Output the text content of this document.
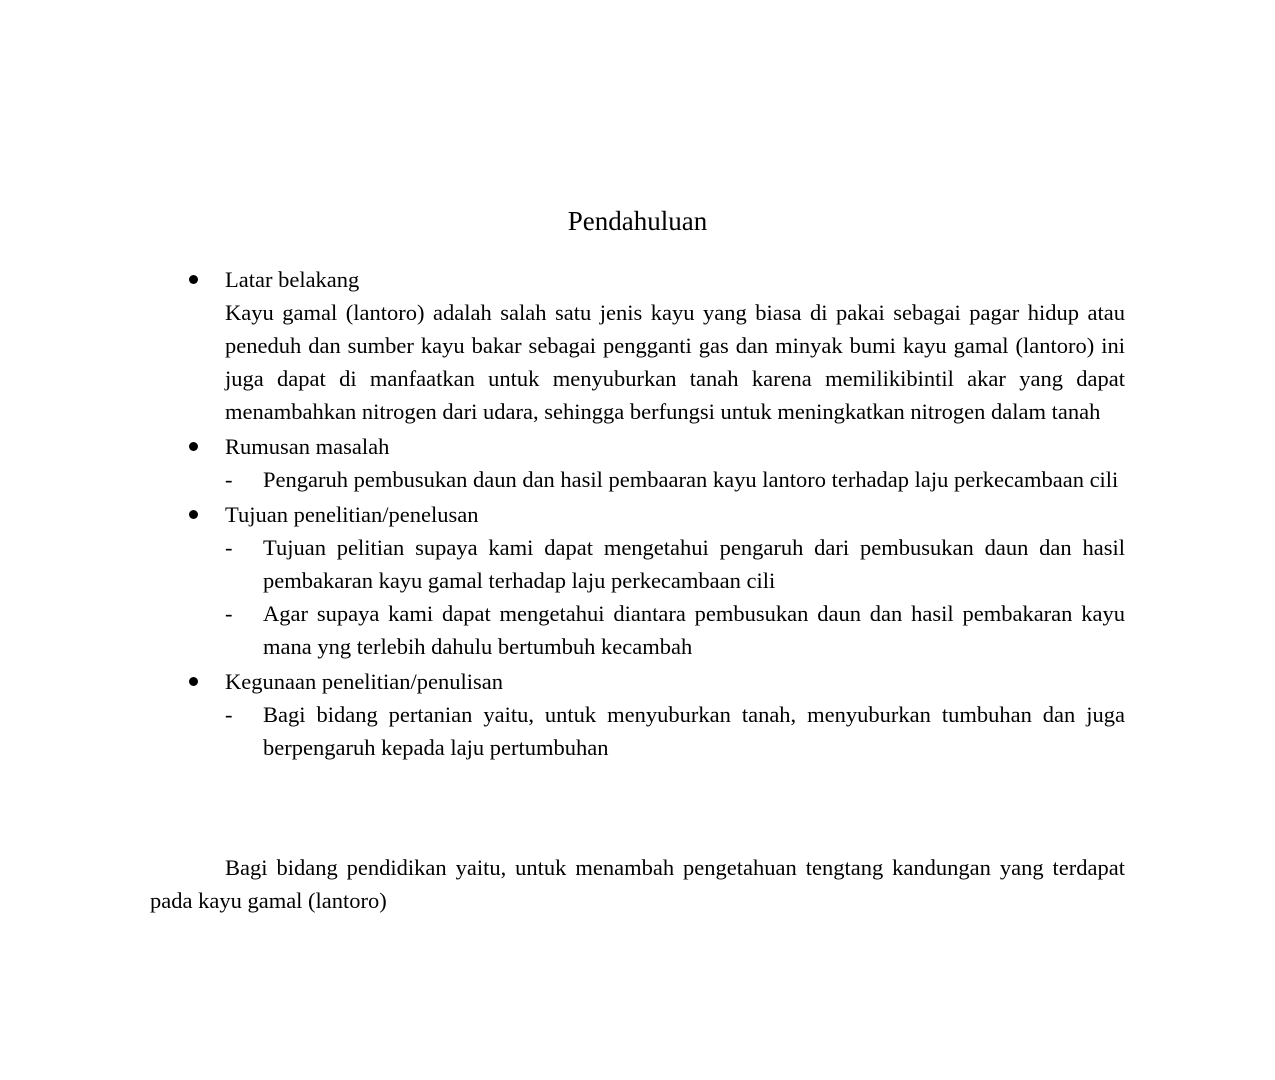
Pendahuluan
Latar belakang

Kayu gamal (lantoro) adalah salah satu jenis kayu yang biasa di pakai sebagai pagar hidup atau peneduh dan sumber kayu bakar sebagai pengganti gas dan minyak bumi kayu gamal (lantoro) ini juga dapat di manfaatkan untuk menyuburkan tanah karena memilikibintil akar yang dapat menambahkan nitrogen dari udara, sehingga berfungsi untuk meningkatkan nitrogen dalam tanah

Rumusan masalah
- Pengaruh pembusukan daun dan hasil pembaaran kayu lantoro terhadap laju perkecambaan cili

Tujuan penelitian/penelusan
- Tujuan pelitian supaya kami dapat mengetahui pengaruh dari pembusukan daun dan hasil pembakaran kayu gamal terhadap laju perkecambaan cili

- Agar supaya kami dapat mengetahui diantara pembusukan daun dan hasil pembakaran kayu mana yng terlebih dahulu bertumbuh kecambah

Kegunaan penelitian/penulisan
- Bagi bidang pertanian yaitu, untuk menyuburkan tanah, menyuburkan tumbuhan dan juga berpengaruh kepada laju pertumbuhan

Bagi bidang pendidikan yaitu, untuk menambah pengetahuan tengtang kandungan yang terdapat pada kayu gamal (lantoro)
